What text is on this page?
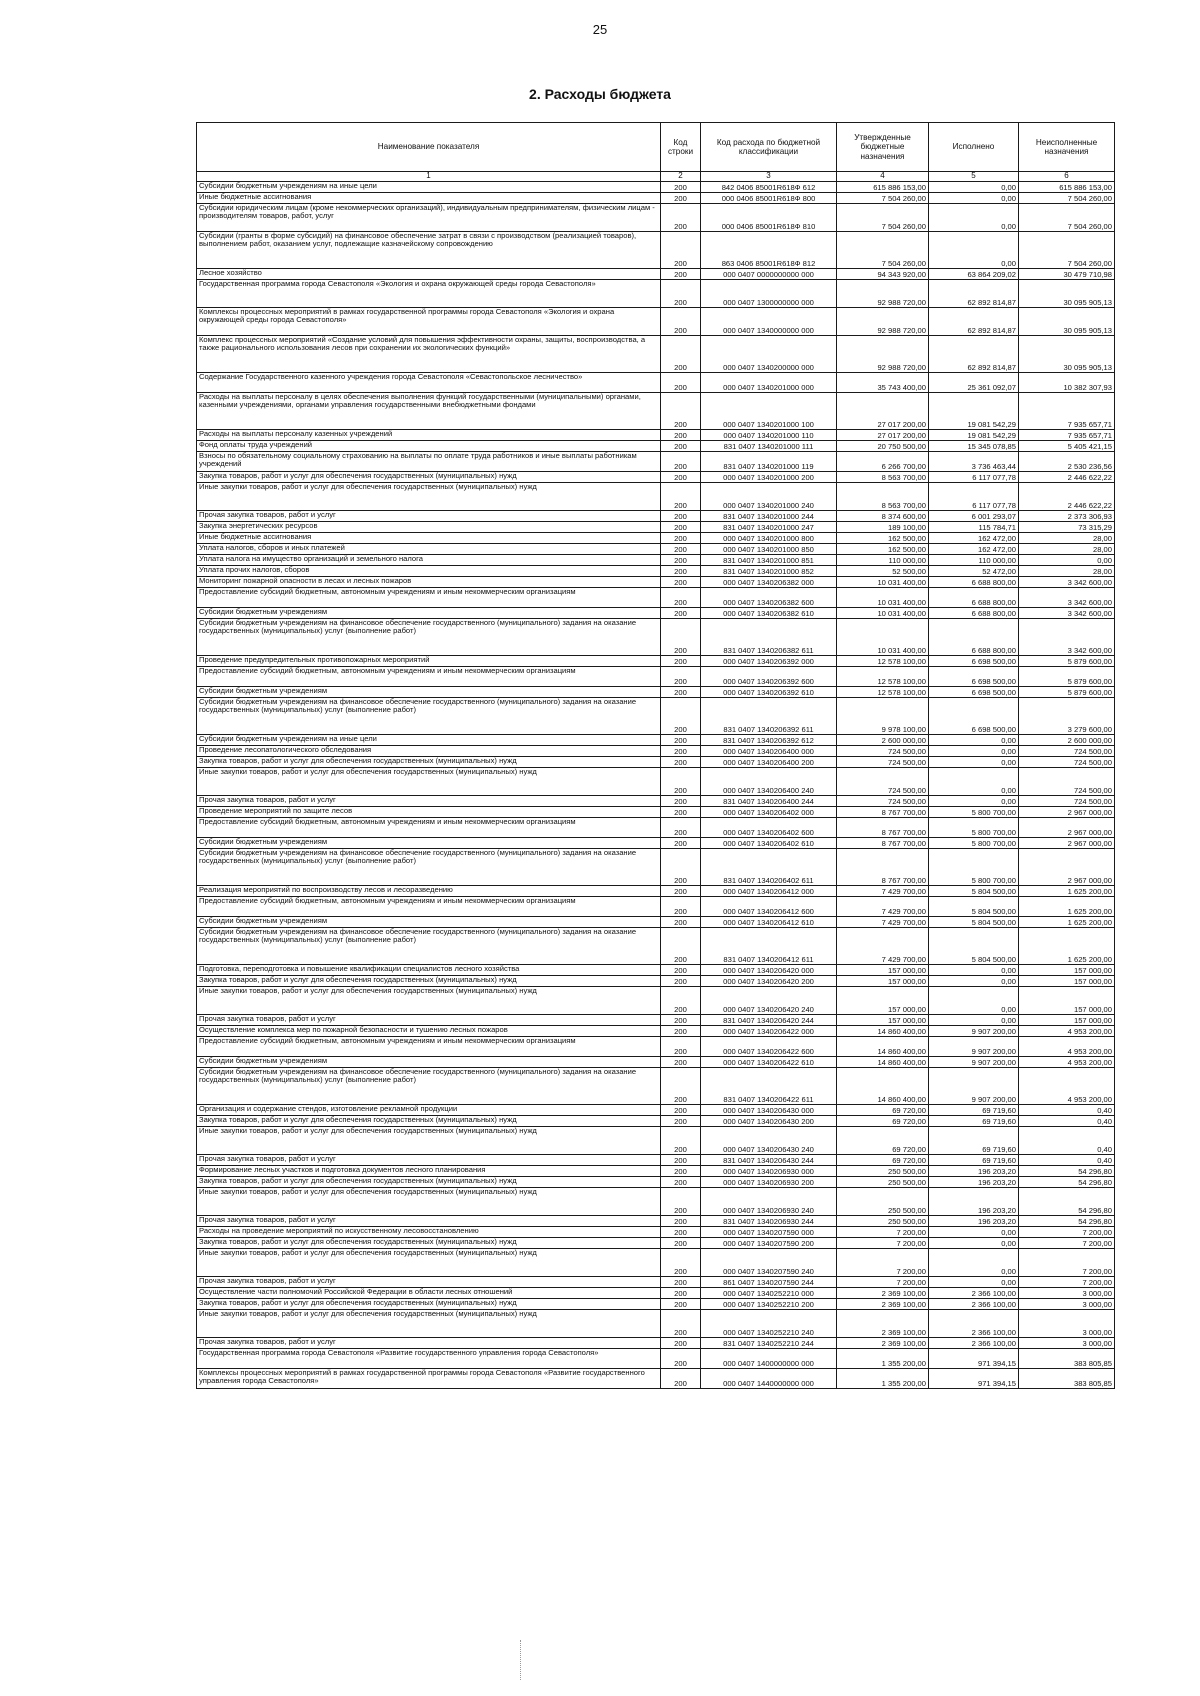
25
2. Расходы бюджета
Наименование показателя	Код строки	Код расхода по бюджетной классификации	Утвержденные бюджетные назначения	Исполнено	Неисполненные назначения
1	2	3	4	5	6
Субсидии бюджетным учреждениям на иные цели	200	842 0406 85001R618Ф 612	615 886 153,00	0,00	615 886 153,00
Иные бюджетные ассигнования	200	000 0406 85001R618Ф 800	7 504 260,00	0,00	7 504 260,00
Субсидии юридическим лицам (кроме некоммерческих организаций), индивидуальным предпринимателям, физическим лицам - производителям товаров, работ, услуг	200	000 0406 85001R618Ф 810	7 504 260,00	0,00	7 504 260,00
Субсидии (гранты в форме субсидий) на финансовое обеспечение затрат в связи с производством (реализацией товаров), выполнением работ, оказанием услуг, подлежащие казначейскому сопровождению	200	863 0406 85001R618Ф 812	7 504 260,00	0,00	7 504 260,00
Лесное хозяйство	200	000 0407 0000000000 000	94 343 920,00	63 864 209,02	30 479 710,98
Государственная программа города Севастополя «Экология и охрана окружающей среды города Севастополя»	200	000 0407 1300000000 000	92 988 720,00	62 892 814,87	30 095 905,13
Комплексы процессных мероприятий в рамках государственной программы города Севастополя «Экология и охрана окружающей среды города Севастополя»	200	000 0407 1340000000 000	92 988 720,00	62 892 814,87	30 095 905,13
Комплекс процессных мероприятий «Создание условий для повышения эффективности охраны, защиты, воспроизводства, а также рационального использования лесов при сохранении их экологических функций»	200	000 0407 1340200000 000	92 988 720,00	62 892 814,87	30 095 905,13
Содержание Государственного казенного учреждения города Севастополя «Севастопольское лесничество»	200	000 0407 1340201000 000	35 743 400,00	25 361 092,07	10 382 307,93
Расходы на выплаты персоналу в целях обеспечения выполнения функций государственными (муниципальными) органами, казенными учреждениями, органами управления государственными внебюджетными фондами	200	000 0407 1340201000 100	27 017 200,00	19 081 542,29	7 935 657,71
Расходы на выплаты персоналу казенных учреждений	200	000 0407 1340201000 110	27 017 200,00	19 081 542,29	7 935 657,71
Фонд оплаты труда учреждений	200	831 0407 1340201000 111	20 750 500,00	15 345 078,85	5 405 421,15
Взносы по обязательному социальному страхованию на выплаты по оплате труда работников и иные выплаты работникам учреждений	200	831 0407 1340201000 119	6 266 700,00	3 736 463,44	2 530 236,56
Закупка товаров, работ и услуг для обеспечения государственных (муниципальных) нужд	200	000 0407 1340201000 200	8 563 700,00	6 117 077,78	2 446 622,22
Иные закупки товаров, работ и услуг для обеспечения государственных (муниципальных) нужд	200	000 0407 1340201000 240	8 563 700,00	6 117 077,78	2 446 622,22
Прочая закупка товаров, работ и услуг	200	831 0407 1340201000 244	8 374 600,00	6 001 293,07	2 373 306,93
Закупка энергетических ресурсов	200	831 0407 1340201000 247	189 100,00	115 784,71	73 315,29
Иные бюджетные ассигнования	200	000 0407 1340201000 800	162 500,00	162 472,00	28,00
Уплата налогов, сборов и иных платежей	200	000 0407 1340201000 850	162 500,00	162 472,00	28,00
Уплата налога на имущество организаций и земельного налога	200	831 0407 1340201000 851	110 000,00	110 000,00	0,00
Уплата прочих налогов, сборов	200	831 0407 1340201000 852	52 500,00	52 472,00	28,00
Мониторинг пожарной опасности в лесах и лесных пожаров	200	000 0407 1340206382 000	10 031 400,00	6 688 800,00	3 342 600,00
Предоставление субсидий бюджетным, автономным учреждениям и иным некоммерческим организациям	200	000 0407 1340206382 600	10 031 400,00	6 688 800,00	3 342 600,00
Субсидии бюджетным учреждениям	200	000 0407 1340206382 610	10 031 400,00	6 688 800,00	3 342 600,00
Субсидии бюджетным учреждениям на финансовое обеспечение государственного (муниципального) задания на оказание государственных (муниципальных) услуг (выполнение работ)	200	831 0407 1340206382 611	10 031 400,00	6 688 800,00	3 342 600,00
Проведение предупредительных противопожарных мероприятий	200	000 0407 1340206392 000	12 578 100,00	6 698 500,00	5 879 600,00
Предоставление субсидий бюджетным, автономным учреждениям и иным некоммерческим организациям	200	000 0407 1340206392 600	12 578 100,00	6 698 500,00	5 879 600,00
Субсидии бюджетным учреждениям	200	000 0407 1340206392 610	12 578 100,00	6 698 500,00	5 879 600,00
Субсидии бюджетным учреждениям на финансовое обеспечение государственного (муниципального) задания на оказание государственных (муниципальных) услуг (выполнение работ)	200	831 0407 1340206392 611	9 978 100,00	6 698 500,00	3 279 600,00
Субсидии бюджетным учреждениям на иные цели	200	831 0407 1340206392 612	2 600 000,00	0,00	2 600 000,00
Проведение лесопатологического обследования	200	000 0407 1340206400 000	724 500,00	0,00	724 500,00
Закупка товаров, работ и услуг для обеспечения государственных (муниципальных) нужд	200	000 0407 1340206400 200	724 500,00	0,00	724 500,00
Иные закупки товаров, работ и услуг для обеспечения государственных (муниципальных) нужд	200	000 0407 1340206400 240	724 500,00	0,00	724 500,00
Прочая закупка товаров, работ и услуг	200	831 0407 1340206400 244	724 500,00	0,00	724 500,00
Проведение мероприятий по защите лесов	200	000 0407 1340206402 000	8 767 700,00	5 800 700,00	2 967 000,00
Предоставление субсидий бюджетным, автономным учреждениям и иным некоммерческим организациям	200	000 0407 1340206402 600	8 767 700,00	5 800 700,00	2 967 000,00
Субсидии бюджетным учреждениям	200	000 0407 1340206402 610	8 767 700,00	5 800 700,00	2 967 000,00
Субсидии бюджетным учреждениям на финансовое обеспечение государственного (муниципального) задания на оказание государственных (муниципальных) услуг (выполнение работ)	200	831 0407 1340206402 611	8 767 700,00	5 800 700,00	2 967 000,00
Реализация мероприятий по воспроизводству лесов и лесоразведению	200	000 0407 1340206412 000	7 429 700,00	5 804 500,00	1 625 200,00
Предоставление субсидий бюджетным, автономным учреждениям и иным некоммерческим организациям	200	000 0407 1340206412 600	7 429 700,00	5 804 500,00	1 625 200,00
Субсидии бюджетным учреждениям	200	000 0407 1340206412 610	7 429 700,00	5 804 500,00	1 625 200,00
Субсидии бюджетным учреждениям на финансовое обеспечение государственного (муниципального) задания на оказание государственных (муниципальных) услуг (выполнение работ)	200	831 0407 1340206412 611	7 429 700,00	5 804 500,00	1 625 200,00
Подготовка, переподготовка и повышение квалификации специалистов лесного хозяйства	200	000 0407 1340206420 000	157 000,00	0,00	157 000,00
Закупка товаров, работ и услуг для обеспечения государственных (муниципальных) нужд	200	000 0407 1340206420 200	157 000,00	0,00	157 000,00
Иные закупки товаров, работ и услуг для обеспечения государственных (муниципальных) нужд	200	000 0407 1340206420 240	157 000,00	0,00	157 000,00
Прочая закупка товаров, работ и услуг	200	831 0407 1340206420 244	157 000,00	0,00	157 000,00
Осуществление комплекса мер по пожарной безопасности и тушению лесных пожаров	200	000 0407 1340206422 000	14 860 400,00	9 907 200,00	4 953 200,00
Предоставление субсидий бюджетным, автономным учреждениям и иным некоммерческим организациям	200	000 0407 1340206422 600	14 860 400,00	9 907 200,00	4 953 200,00
Субсидии бюджетным учреждениям	200	000 0407 1340206422 610	14 860 400,00	9 907 200,00	4 953 200,00
Субсидии бюджетным учреждениям на финансовое обеспечение государственного (муниципального) задания на оказание государственных (муниципальных) услуг (выполнение работ)	200	831 0407 1340206422 611	14 860 400,00	9 907 200,00	4 953 200,00
Организация и содержание стендов, изготовление рекламной продукции	200	000 0407 1340206430 000	69 720,00	69 719,60	0,40
Закупка товаров, работ и услуг для обеспечения государственных (муниципальных) нужд	200	000 0407 1340206430 200	69 720,00	69 719,60	0,40
Иные закупки товаров, работ и услуг для обеспечения государственных (муниципальных) нужд	200	000 0407 1340206430 240	69 720,00	69 719,60	0,40
Прочая закупка товаров, работ и услуг	200	831 0407 1340206430 244	69 720,00	69 719,60	0,40
Формирование лесных участков и подготовка документов лесного планирования	200	000 0407 1340206930 000	250 500,00	196 203,20	54 296,80
Закупка товаров, работ и услуг для обеспечения государственных (муниципальных) нужд	200	000 0407 1340206930 200	250 500,00	196 203,20	54 296,80
Иные закупки товаров, работ и услуг для обеспечения государственных (муниципальных) нужд	200	000 0407 1340206930 240	250 500,00	196 203,20	54 296,80
Прочая закупка товаров, работ и услуг	200	831 0407 1340206930 244	250 500,00	196 203,20	54 296,80
Расходы на проведение мероприятий по искусственному лесовосстановлению	200	000 0407 1340207590 000	7 200,00	0,00	7 200,00
Закупка товаров, работ и услуг для обеспечения государственных (муниципальных) нужд	200	000 0407 1340207590 200	7 200,00	0,00	7 200,00
Иные закупки товаров, работ и услуг для обеспечения государственных (муниципальных) нужд	200	000 0407 1340207590 240	7 200,00	0,00	7 200,00
Прочая закупка товаров, работ и услуг	200	861 0407 1340207590 244	7 200,00	0,00	7 200,00
Осуществление части полномочий Российской Федерации в области лесных отношений	200	000 0407 1340252210 000	2 369 100,00	2 366 100,00	3 000,00
Закупка товаров, работ и услуг для обеспечения государственных (муниципальных) нужд	200	000 0407 1340252210 200	2 369 100,00	2 366 100,00	3 000,00
Иные закупки товаров, работ и услуг для обеспечения государственных (муниципальных) нужд	200	000 0407 1340252210 240	2 369 100,00	2 366 100,00	3 000,00
Прочая закупка товаров, работ и услуг	200	831 0407 1340252210 244	2 369 100,00	2 366 100,00	3 000,00
Государственная программа города Севастополя «Развитие государственного управления города Севастополя»	200	000 0407 1400000000 000	1 355 200,00	971 394,15	383 805,85
Комплексы процессных мероприятий в рамках государственной программы города Севастополя «Развитие государственного управления города Севастополя»	200	000 0407 1440000000 000	1 355 200,00	971 394,15	383 805,85
